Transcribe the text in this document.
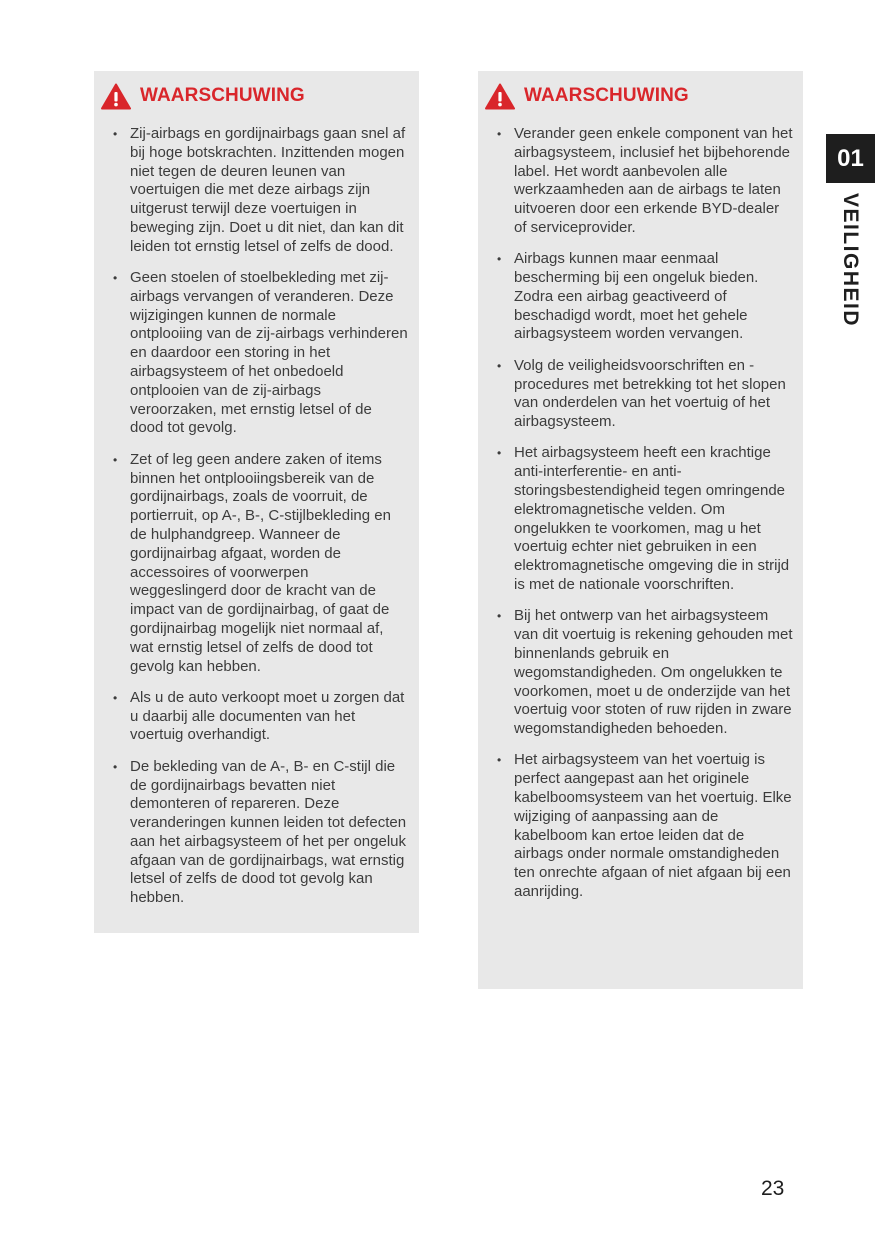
WAARSCHUWING
• Zij-airbags en gordijnairbags gaan snel af bij hoge botskrachten. Inzittenden mogen niet tegen de deuren leunen van voertuigen die met deze airbags zijn uitgerust terwijl deze voertuigen in beweging zijn. Doet u dit niet, dan kan dit leiden tot ernstig letsel of zelfs de dood.
• Geen stoelen of stoelbekleding met zij-airbags vervangen of veranderen. Deze wijzigingen kunnen de normale ontplooiing van de zij-airbags verhinderen en daardoor een storing in het airbagsysteem of het onbedoeld ontplooien van de zij-airbags veroorzaken, met ernstig letsel of de dood tot gevolg.
• Zet of leg geen andere zaken of items binnen het ontplooiingsbereik van de gordijnairbags, zoals de voorruit, de portierruit, op A-, B-, C-stijlbekleding en de hulphandgreep. Wanneer de gordijnairbag afgaat, worden de accessoires of voorwerpen weggeslingerd door de kracht van de impact van de gordijnairbag, of gaat de gordijnairbag mogelijk niet normaal af, wat ernstig letsel of zelfs de dood tot gevolg kan hebben.
• Als u de auto verkoopt moet u zorgen dat u daarbij alle documenten van het voertuig overhandigt.
• De bekleding van de A-, B- en C-stijl die de gordijnairbags bevatten niet demonteren of repareren. Deze veranderingen kunnen leiden tot defecten aan het airbagsysteem of het per ongeluk afgaan van de gordijnairbags, wat ernstig letsel of zelfs de dood tot gevolg kan hebben.
WAARSCHUWING
• Verander geen enkele component van het airbagsysteem, inclusief het bijbehorende label. Het wordt aanbevolen alle werkzaamheden aan de airbags te laten uitvoeren door een erkende BYD-dealer of serviceprovider.
• Airbags kunnen maar eenmaal bescherming bij een ongeluk bieden. Zodra een airbag geactiveerd of beschadigd wordt, moet het gehele airbagsysteem worden vervangen.
• Volg de veiligheidsvoorschriften en -procedures met betrekking tot het slopen van onderdelen van het voertuig of het airbagsysteem.
• Het airbagsysteem heeft een krachtige anti-interferentie- en anti-storingsbestendigheid tegen omringende elektromagnetische velden. Om ongelukken te voorkomen, mag u het voertuig echter niet gebruiken in een elektromagnetische omgeving die in strijd is met de nationale voorschriften.
• Bij het ontwerp van het airbagsysteem van dit voertuig is rekening gehouden met binnenlands gebruik en wegomstandigheden. Om ongelukken te voorkomen, moet u de onderzijde van het voertuig voor stoten of ruw rijden in zware wegomstandigheden behoeden.
• Het airbagsysteem van het voertuig is perfect aangepast aan het originele kabelboomsysteem van het voertuig. Elke wijziging of aanpassing aan de kabelboom kan ertoe leiden dat de airbags onder normale omstandigheden ten onrechte afgaan of niet afgaan bij een aanrijding.
01
VEILIGHEID
23
